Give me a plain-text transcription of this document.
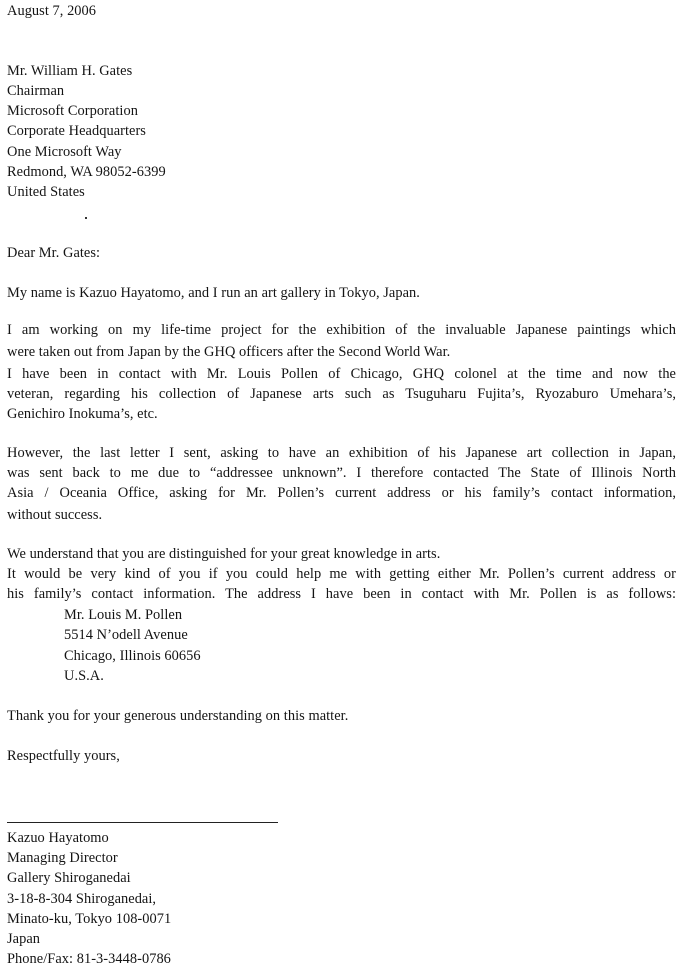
August 7, 2006
Mr. William H. Gates
Chairman
Microsoft Corporation
Corporate Headquarters
One Microsoft Way
Redmond, WA 98052-6399
United States
Dear Mr. Gates:
My name is Kazuo Hayatomo, and I run an art gallery in Tokyo, Japan.
I am working on my life-time project for the exhibition of the invaluable Japanese paintings which
were taken out from Japan by the GHQ officers after the Second World War.
I have been in contact with Mr. Louis Pollen of Chicago, GHQ colonel at the time and now the
veteran, regarding his collection of Japanese arts such as Tsuguharu Fujita’s, Ryozaburo Umehara’s,
Genichiro Inokuma’s, etc.
However, the last letter I sent, asking to have an exhibition of his Japanese art collection in Japan,
was sent back to me due to “addressee unknown”. I therefore contacted The State of Illinois North
Asia / Oceania Office, asking for Mr. Pollen’s current address or his family’s contact information,
without success.
We understand that you are distinguished for your great knowledge in arts.
It would be very kind of you if you could help me with getting either Mr. Pollen’s current address or
his family’s contact information. The address I have been in contact with Mr. Pollen is as follows:
Mr. Louis M. Pollen
5514 N’odell Avenue
Chicago, Illinois 60656
U.S.A.
Thank you for your generous understanding on this matter.
Respectfully yours,
Kazuo Hayatomo
Managing Director
Gallery Shiroganedai
3-18-8-304 Shiroganedai,
Minato-ku, Tokyo 108-0071
Japan
Phone/Fax: 81-3-3448-0786
